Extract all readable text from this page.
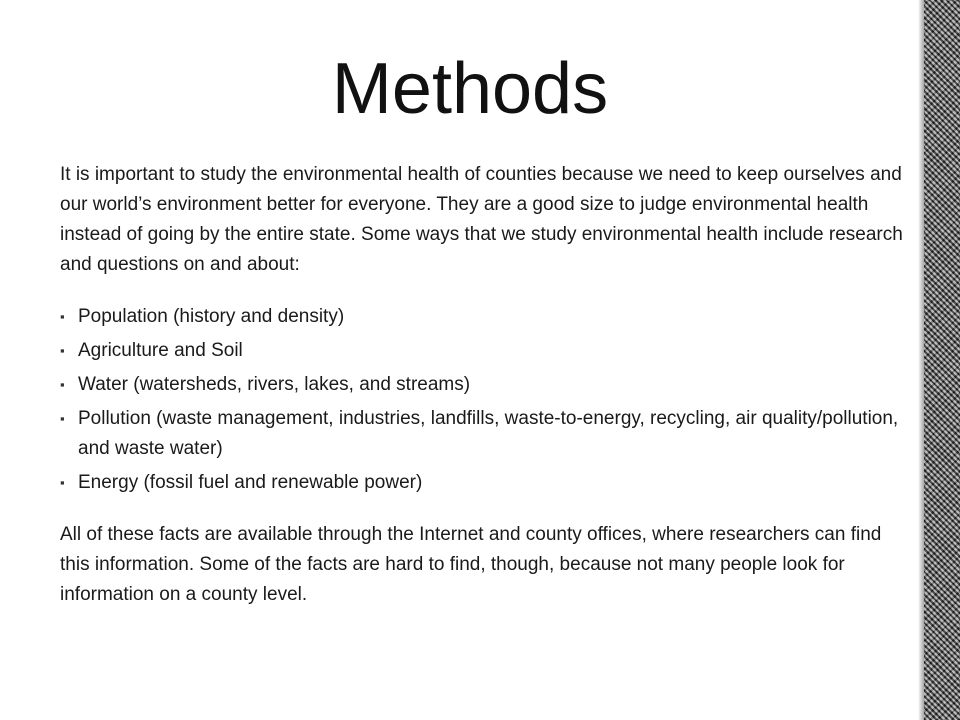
Methods

It is important to study the environmental health of counties because we need to keep ourselves and our world’s environment better for everyone. They are a good size to judge environmental health instead of going by the entire state. Some ways that we study environmental health include research and questions on and about:

▪ Population (history and density)
▪ Agriculture and Soil
▪ Water (watersheds, rivers, lakes, and streams)
▪ Pollution (waste management, industries, landfills, waste-to-energy, recycling, air quality/pollution, and waste water)
▪ Energy (fossil fuel and renewable power)

All of these facts are available through the Internet and county offices, where researchers can find this information. Some of the facts are hard to find, though, because not many people look for information on a county level.
